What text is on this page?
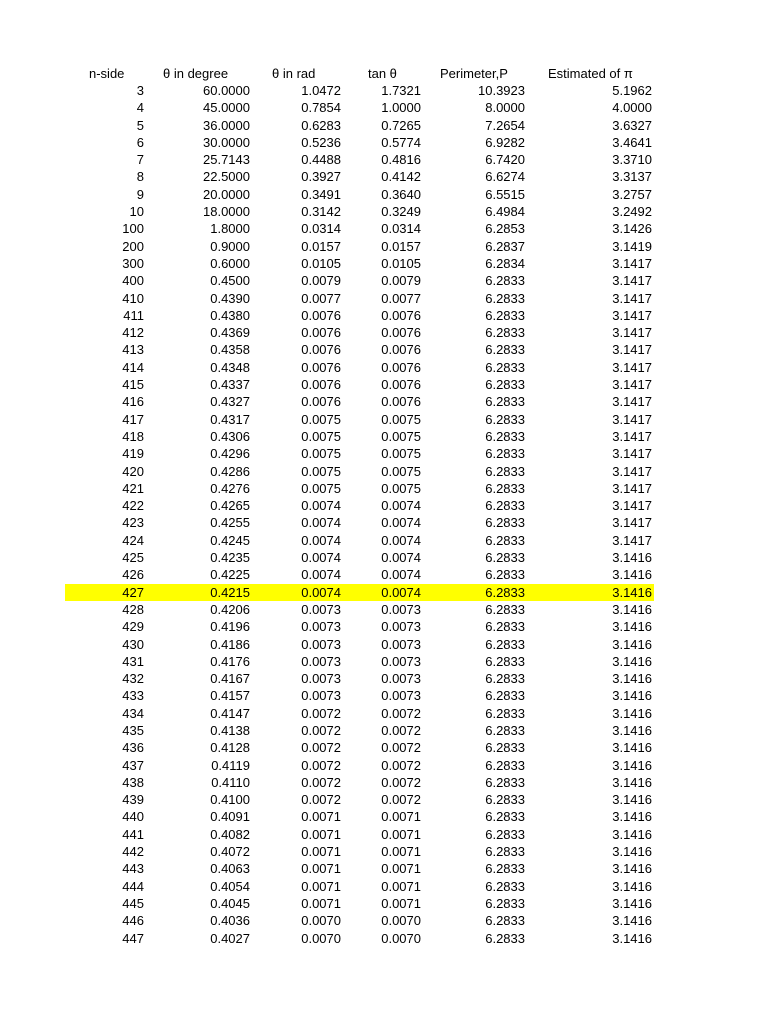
n-side	θ in degree	θ in rad	tan θ	Perimeter,P	Estimated of π
3	60.0000	1.0472	1.7321	10.3923	5.1962
4	45.0000	0.7854	1.0000	8.0000	4.0000
5	36.0000	0.6283	0.7265	7.2654	3.6327
6	30.0000	0.5236	0.5774	6.9282	3.4641
7	25.7143	0.4488	0.4816	6.7420	3.3710
8	22.5000	0.3927	0.4142	6.6274	3.3137
9	20.0000	0.3491	0.3640	6.5515	3.2757
10	18.0000	0.3142	0.3249	6.4984	3.2492
100	1.8000	0.0314	0.0314	6.2853	3.1426
200	0.9000	0.0157	0.0157	6.2837	3.1419
300	0.6000	0.0105	0.0105	6.2834	3.1417
400	0.4500	0.0079	0.0079	6.2833	3.1417
410	0.4390	0.0077	0.0077	6.2833	3.1417
411	0.4380	0.0076	0.0076	6.2833	3.1417
412	0.4369	0.0076	0.0076	6.2833	3.1417
413	0.4358	0.0076	0.0076	6.2833	3.1417
414	0.4348	0.0076	0.0076	6.2833	3.1417
415	0.4337	0.0076	0.0076	6.2833	3.1417
416	0.4327	0.0076	0.0076	6.2833	3.1417
417	0.4317	0.0075	0.0075	6.2833	3.1417
418	0.4306	0.0075	0.0075	6.2833	3.1417
419	0.4296	0.0075	0.0075	6.2833	3.1417
420	0.4286	0.0075	0.0075	6.2833	3.1417
421	0.4276	0.0075	0.0075	6.2833	3.1417
422	0.4265	0.0074	0.0074	6.2833	3.1417
423	0.4255	0.0074	0.0074	6.2833	3.1417
424	0.4245	0.0074	0.0074	6.2833	3.1417
425	0.4235	0.0074	0.0074	6.2833	3.1416
426	0.4225	0.0074	0.0074	6.2833	3.1416
427	0.4215	0.0074	0.0074	6.2833	3.1416
428	0.4206	0.0073	0.0073	6.2833	3.1416
429	0.4196	0.0073	0.0073	6.2833	3.1416
430	0.4186	0.0073	0.0073	6.2833	3.1416
431	0.4176	0.0073	0.0073	6.2833	3.1416
432	0.4167	0.0073	0.0073	6.2833	3.1416
433	0.4157	0.0073	0.0073	6.2833	3.1416
434	0.4147	0.0072	0.0072	6.2833	3.1416
435	0.4138	0.0072	0.0072	6.2833	3.1416
436	0.4128	0.0072	0.0072	6.2833	3.1416
437	0.4119	0.0072	0.0072	6.2833	3.1416
438	0.4110	0.0072	0.0072	6.2833	3.1416
439	0.4100	0.0072	0.0072	6.2833	3.1416
440	0.4091	0.0071	0.0071	6.2833	3.1416
441	0.4082	0.0071	0.0071	6.2833	3.1416
442	0.4072	0.0071	0.0071	6.2833	3.1416
443	0.4063	0.0071	0.0071	6.2833	3.1416
444	0.4054	0.0071	0.0071	6.2833	3.1416
445	0.4045	0.0071	0.0071	6.2833	3.1416
446	0.4036	0.0070	0.0070	6.2833	3.1416
447	0.4027	0.0070	0.0070	6.2833	3.1416
